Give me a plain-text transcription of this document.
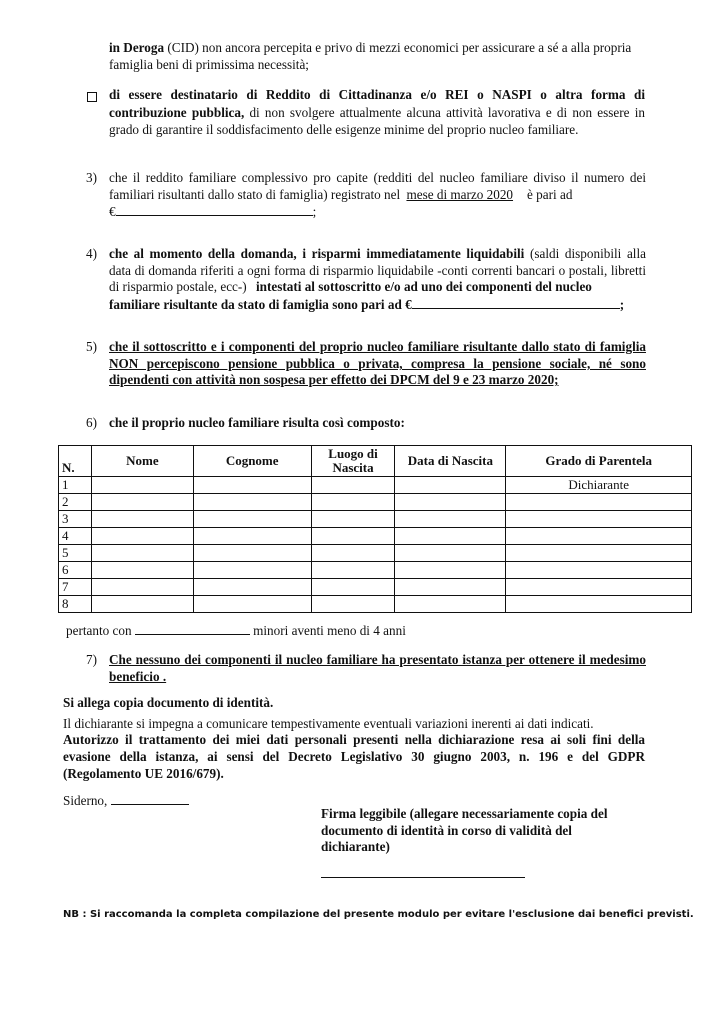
in Deroga (CID) non ancora percepita e privo di mezzi economici per assicurare a sé a alla propria
famiglia beni di primissima necessità;
di essere destinatario di Reddito di Cittadinanza e/o REI o NASPI o altra forma di
contribuzione pubblica, di non svolgere attualmente alcuna attività lavorativa e di non essere in
grado di garantire il soddisfacimento delle esigenze minime del proprio nucleo familiare.
3) che il reddito familiare complessivo pro capite (redditi del nucleo familiare diviso il numero dei
familiari risultanti dallo stato di famiglia) registrato nel mese di marzo 2020 è pari ad
€	;
4) che al momento della domanda, i risparmi immediatamente liquidabili (saldi disponibili alla
data di domanda riferiti a ogni forma di risparmio liquidabile -conti correnti bancari o postali, libretti
di risparmio postale, ecc-) intestati al sottoscritto e/o ad uno dei componenti del nucleo
familiare risultante da stato di famiglia sono pari ad €	;
5) che il sottoscritto e i componenti del proprio nucleo familiare risultante dallo stato di famiglia
NON percepiscono pensione pubblica o privata, compresa la pensione sociale, né sono
dipendenti con attività non sospesa per effetto dei DPCM del 9 e 23 marzo 2020;
6) che il proprio nucleo familiare risulta così composto:
N.	Nome	Cognome	Luogo di
Nascita	Data di Nascita	Grado di Parentela
1					Dichiarante
2					
3					
4					
5					
6					
7					
8					
pertanto con	minori aventi meno di 4 anni
7) Che nessuno dei componenti il nucleo familiare ha presentato istanza per ottenere il medesimo
beneficio .
Si allega copia documento di identità.
Il dichiarante si impegna a comunicare tempestivamente eventuali variazioni inerenti ai dati indicati.
Autorizzo il trattamento dei miei dati personali presenti nella dichiarazione resa ai soli fini della
evasione della istanza, ai sensi del Decreto Legislativo 30 giugno 2003, n. 196 e del GDPR
(Regolamento UE 2016/679).
Siderno,
Firma leggibile (allegare necessariamente copia del
documento di identità in corso di validità del
dichiarante)
NB : Si raccomanda la completa compilazione del presente modulo per evitare l'esclusione dai benefici previsti.
